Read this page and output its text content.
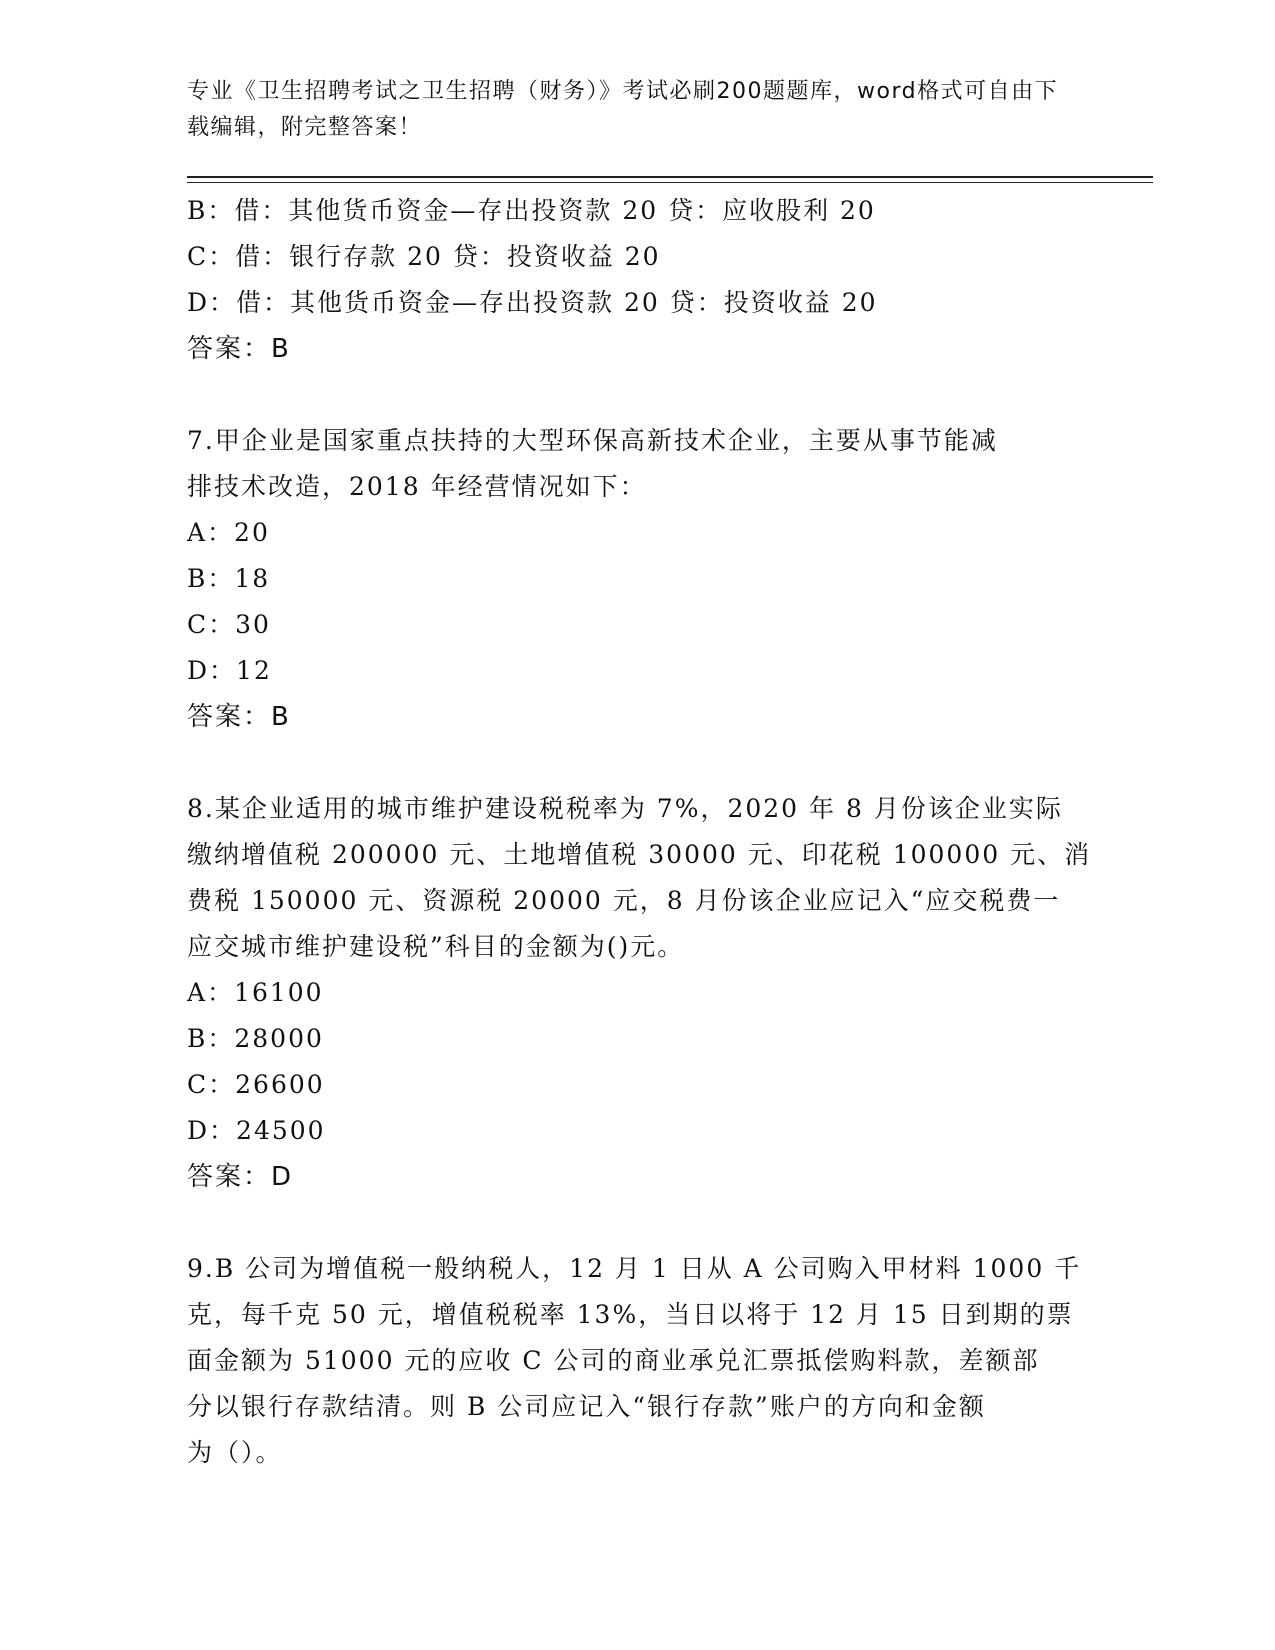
专业《卫生招聘考试之卫生招聘（财务）》考试必刷200题题库，word格式可自由下载编辑，附完整答案！
B：借：其他货币资金—存出投资款 20 贷：应收股利 20
C：借：银行存款 20 贷：投资收益 20
D：借：其他货币资金—存出投资款 20 贷：投资收益 20
答案：B
7.甲企业是国家重点扶持的大型环保高新技术企业，主要从事节能减
排技术改造，2018 年经营情况如下：
A：20
B：18
C：30
D：12
答案：B
8.某企业适用的城市维护建设税税率为 7%，2020 年 8 月份该企业实际
缴纳增值税 200000 元、土地增值税 30000 元、印花税 100000 元、消
费税 150000 元、资源税 20000 元，8 月份该企业应记入“应交税费一
应交城市维护建设税”科目的金额为()元。
A：16100
B：28000
C：26600
D：24500
答案：D
9.B 公司为增值税一般纳税人，12 月 1 日从 A 公司购入甲材料 1000 千
克，每千克 50 元，增值税税率 13%，当日以将于 12 月 15 日到期的票
面金额为 51000 元的应收 C 公司的商业承兑汇票抵偿购料款，差额部
分以银行存款结清。则 B 公司应记入“银行存款”账户的方向和金额
为（）。
